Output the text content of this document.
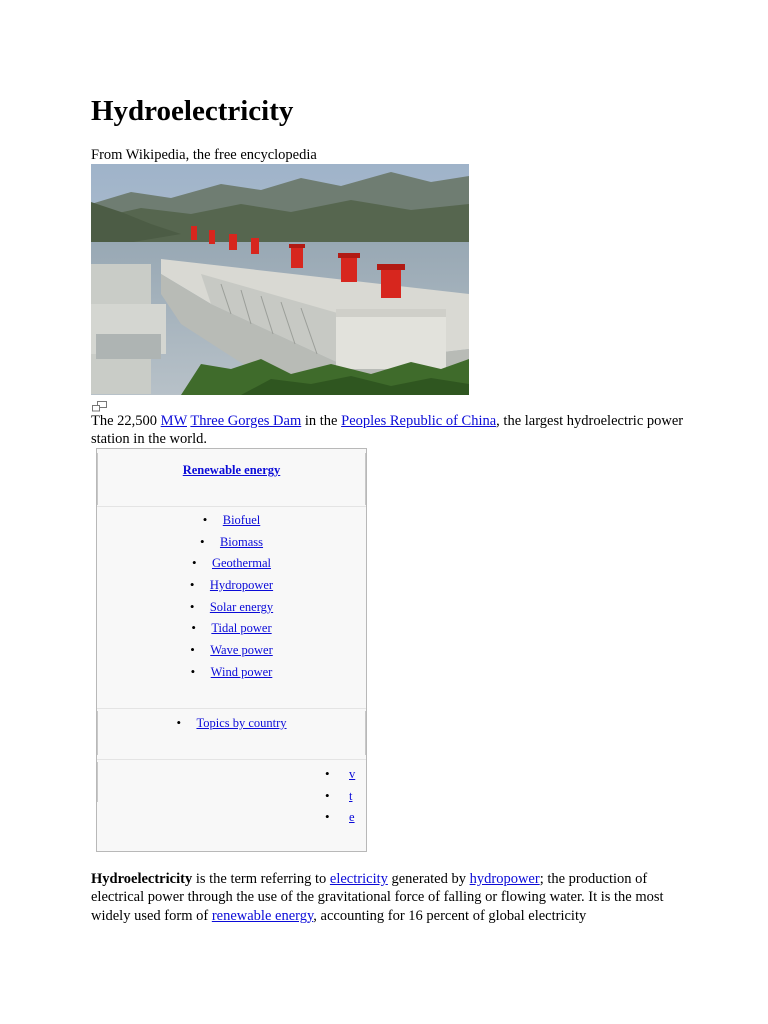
Hydroelectricity
From Wikipedia, the free encyclopedia
The 22,500 MW Three Gorges Dam in the Peoples Republic of China, the largest hydroelectric power station in the world.
Renewable energy
• Biofuel
• Biomass
• Geothermal
• Hydropower
• Solar energy
• Tidal power
• Wave power
• Wind power
• Topics by country
• v
• t
• e

Hydroelectricity is the term referring to electricity generated by hydropower; the production of electrical power through the use of the gravitational force of falling or flowing water. It is the most widely used form of renewable energy, accounting for 16 percent of global electricity
